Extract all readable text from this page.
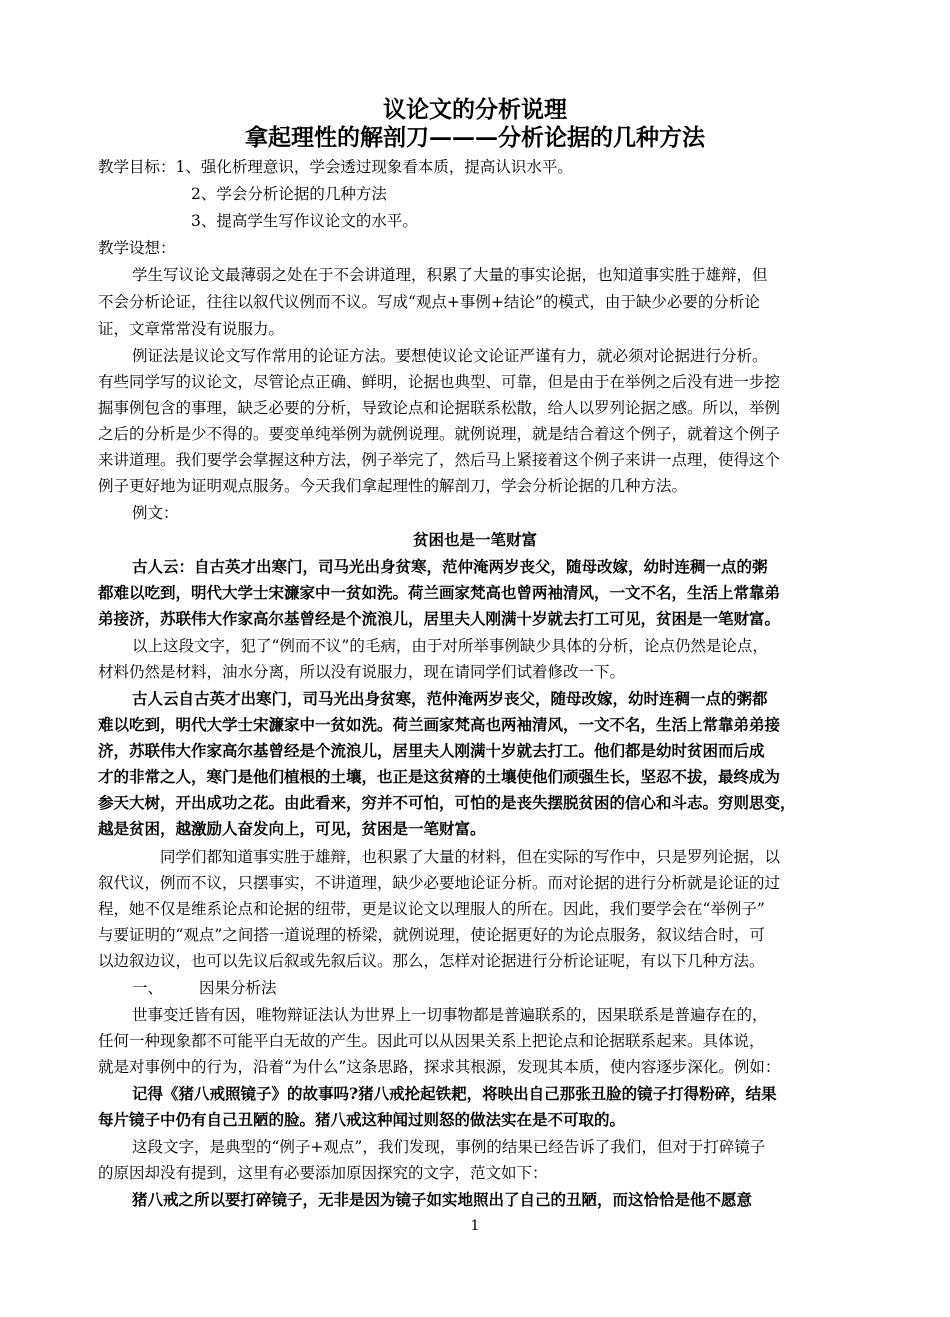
议论文的分析说理
拿起理性的解剖刀———分析论据的几种方法
教学目标：1、强化析理意识，学会透过现象看本质，提高认识水平。
2、学会分析论据的几种方法
3、提高学生写作议论文的水平。
教学设想：
学生写议论文最薄弱之处在于不会讲道理，积累了大量的事实论据，也知道事实胜于雄辩，但
不会分析论证，往往以叙代议例而不议。写成“观点+事例+结论”的模式，由于缺少必要的分析论
证，文章常常没有说服力。
例证法是议论文写作常用的论证方法。要想使议论文论证严谨有力，就必须对论据进行分析。
有些同学写的议论文，尽管论点正确、鲜明，论据也典型、可靠，但是由于在举例之后没有进一步挖
掘事例包含的事理，缺乏必要的分析，导致论点和论据联系松散，给人以罗列论据之感。所以，举例
之后的分析是少不得的。要变单纯举例为就例说理。就例说理，就是结合着这个例子，就着这个例子
来讲道理。我们要学会掌握这种方法，例子举完了，然后马上紧接着这个例子来讲一点理，使得这个
例子更好地为证明观点服务。今天我们拿起理性的解剖刀，学会分析论据的几种方法。
例文：
贫困也是一笔财富
古人云：自古英才出寒门，司马光出身贫寒，范仲淹两岁丧父，随母改嫁，幼时连稠一点的粥
都难以吃到，明代大学士宋濂家中一贫如洗。荷兰画家梵高也曾两袖清风，一文不名，生活上常靠弟
弟接济，苏联伟大作家高尔基曾经是个流浪儿，居里夫人刚满十岁就去打工可见，贫困是一笔财富。
以上这段文字，犯了“例而不议”的毛病，由于对所举事例缺少具体的分析，论点仍然是论点，
材料仍然是材料，油水分离，所以没有说服力，现在请同学们试着修改一下。
古人云自古英才出寒门，司马光出身贫寒，范仲淹两岁丧父，随母改嫁，幼时连稠一点的粥都
难以吃到，明代大学士宋濂家中一贫如洗。荷兰画家梵高也两袖清风，一文不名，生活上常靠弟弟接
济，苏联伟大作家高尔基曾经是个流浪儿，居里夫人刚满十岁就去打工。他们都是幼时贫困而后成
才的非常之人，寒门是他们植根的土壤，也正是这贫瘠的土壤使他们顽强生长，坚忍不拔，最终成为
参天大树，开出成功之花。由此看来，穷并不可怕，可怕的是丧失摆脱贫困的信心和斗志。穷则思变，
越是贫困，越激励人奋发向上，可见，贫困是一笔财富。
同学们都知道事实胜于雄辩，也积累了大量的材料，但在实际的写作中，只是罗列论据，以
叙代议，例而不议，只摆事实，不讲道理，缺少必要地论证分析。而对论据的进行分析就是论证的过
程，她不仅是维系论点和论据的纽带，更是议论文以理服人的所在。因此，我们要学会在“举例子”
与要证明的“观点”之间搭一道说理的桥梁，就例说理，使论据更好的为论点服务，叙议结合时，可
以边叙边议，也可以先议后叙或先叙后议。那么，怎样对论据进行分析论证呢，有以下几种方法。
一、 因果分析法
世事变迁皆有因，唯物辩证法认为世界上一切事物都是普遍联系的，因果联系是普遍存在的，
任何一种现象都不可能平白无故的产生。因此可以从因果关系上把论点和论据联系起来。具体说，
就是对事例中的行为，沿着“为什么”这条思路，探求其根源，发现其本质，使内容逐步深化。例如：
记得《猪八戒照镜子》的故事吗?猪八戒抡起铁耙，将映出自己那张丑脸的镜子打得粉碎，结果
每片镜子中仍有自己丑陋的脸。猪八戒这种闻过则怒的做法实在是不可取的。
这段文字，是典型的“例子+观点”，我们发现，事例的结果已经告诉了我们，但对于打碎镜子
的原因却没有提到，这里有必要添加原因探究的文字，范文如下：
猪八戒之所以要打碎镜子，无非是因为镜子如实地照出了自己的丑陋，而这恰恰是他不愿意
1
